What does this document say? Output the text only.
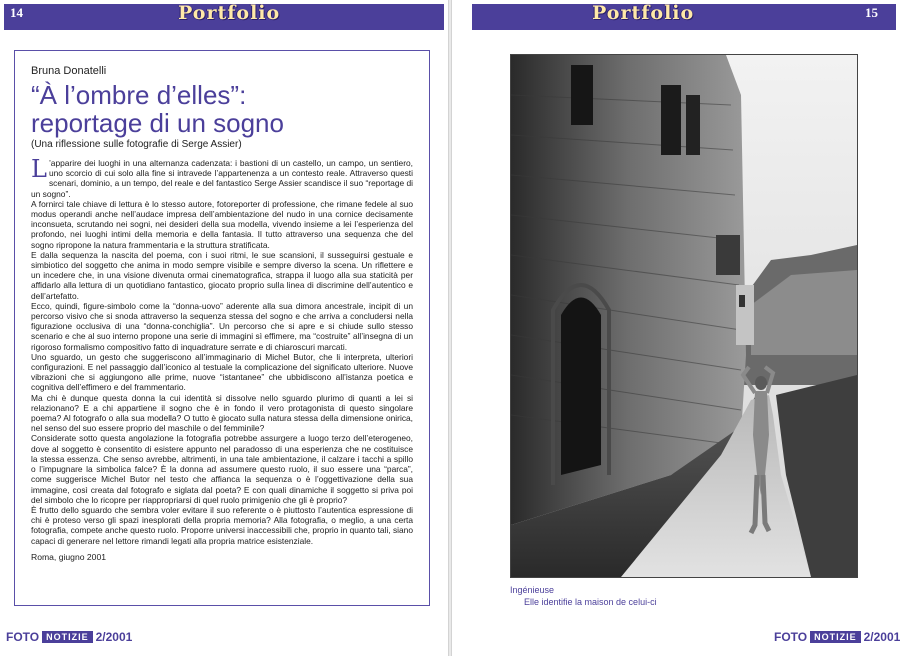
14	Portfolio
Bruna Donatelli
“À l’ombre d’elles”:
reportage di un sogno
(Una riflessione sulle fotografie di Serge Assier)

L ’apparire dei luoghi in una alternanza cadenzata: i bastioni di un castello, un campo, un sentiero, uno scorcio di cui solo alla fine si intravede l’appartenenza a un contesto reale. Attraverso questi scenari, dominio, a un tempo, del reale e del fantastico Serge Assier scandisce il suo “reportage di un sogno”.

A fornirci tale chiave di lettura è lo stesso autore, fotoreporter di professione, che rimane fedele al suo modus operandi anche nell’audace impresa dell’ambientazione del nudo in una cornice decisamente inconsueta, scrutando nei sogni, nei desideri della sua modella, vivendo insieme a lei l’esperienza del profondo, nei luoghi intimi della memoria e della fantasia. Il tutto attraverso una sequenza che del sogno ripropone la natura frammentaria e la struttura stratificata.

E dalla sequenza la nascita del poema, con i suoi ritmi, le sue scansioni, il susseguirsi gestuale e simbiotico del soggetto che anima in modo sempre visibile e sempre diverso la scena. Un riflettere e un incedere che, in una visione divenuta ormai cinematografica, strappa il luogo alla sua staticità per affidarlo alla lettura di un quotidiano fantastico, giocato proprio sulla linea di discrimine dell’autentico e dell’artefatto.

Ecco, quindi, figure-simbolo come la “donna-uovo” aderente alla sua dimora ancestrale, incipit di un percorso visivo che si snoda attraverso la sequenza stessa del sogno e che arriva a concludersi nella figurazione occlusiva di una “donna-conchiglia”. Un percorso che si apre e si chiude sullo stesso scenario e che al suo interno propone una serie di immagini sì effimere, ma “costruite” all’insegna di un rigoroso formalismo compositivo fatto di inquadrature serrate e di chiaroscuri marcati.

Uno sguardo, un gesto che suggeriscono all’immaginario di Michel Butor, che li interpreta, ulteriori configurazioni. E nel passaggio dall’iconico al testuale la complicazione del significato ulteriore. Nuove vibrazioni che si aggiungono alle prime, nuove “istantanee” che ubbidiscono all’istanza poetica e cognitiva dell’effimero e del frammentario.

Ma chi è dunque questa donna la cui identità si dissolve nello sguardo plurimo di quanti a lei si relazionano? E a chi appartiene il sogno che è in fondo il vero protagonista di questo singolare poema? Al fotografo o alla sua modella? O tutto è giocato sulla natura stessa della dimensione onirica, nel senso del suo essere proprio del maschile o del femminile?

Considerate sotto questa angolazione la fotografia potrebbe assurgere a luogo terzo dell’eterogeneo, dove al soggetto è consentito di esistere appunto nel paradosso di una esperienza che ne costituisce la stessa essenza. Che senso avrebbe, altrimenti, in una tale ambientazione, il calzare i tacchi a spillo o l’impugnare la simbolica falce? È la donna ad assumere questo ruolo, il suo essere una “parca”, come suggerisce Michel Butor nel testo che affianca la sequenza o è l’oggettivazione della sua immagine, così creata dal fotografo e siglata dal poeta? E con quali dinamiche il soggetto si priva poi del simbolo che lo ricopre per riappropriarsi di quel ruolo primigenio che gli è proprio?

È frutto dello sguardo che sembra voler evitare il suo referente o è piuttosto l’autentica espressione di chi è proteso verso gli spazi inesplorati della propria memoria? Alla fotografia, o meglio, a una certa fotografia, compete anche questo ruolo. Proporre universi inaccessibili che, proprio in quanto tali, siano capaci di generare nel lettore rimandi legati alla propria matrice esistenziale.

Roma, giugno 2001
FOTO NOTIZIE 2/2001
Portfolio	15

Ingénieuse

Elle identifie la maison de celui-ci

FOTO NOTIZIE 2/2001
